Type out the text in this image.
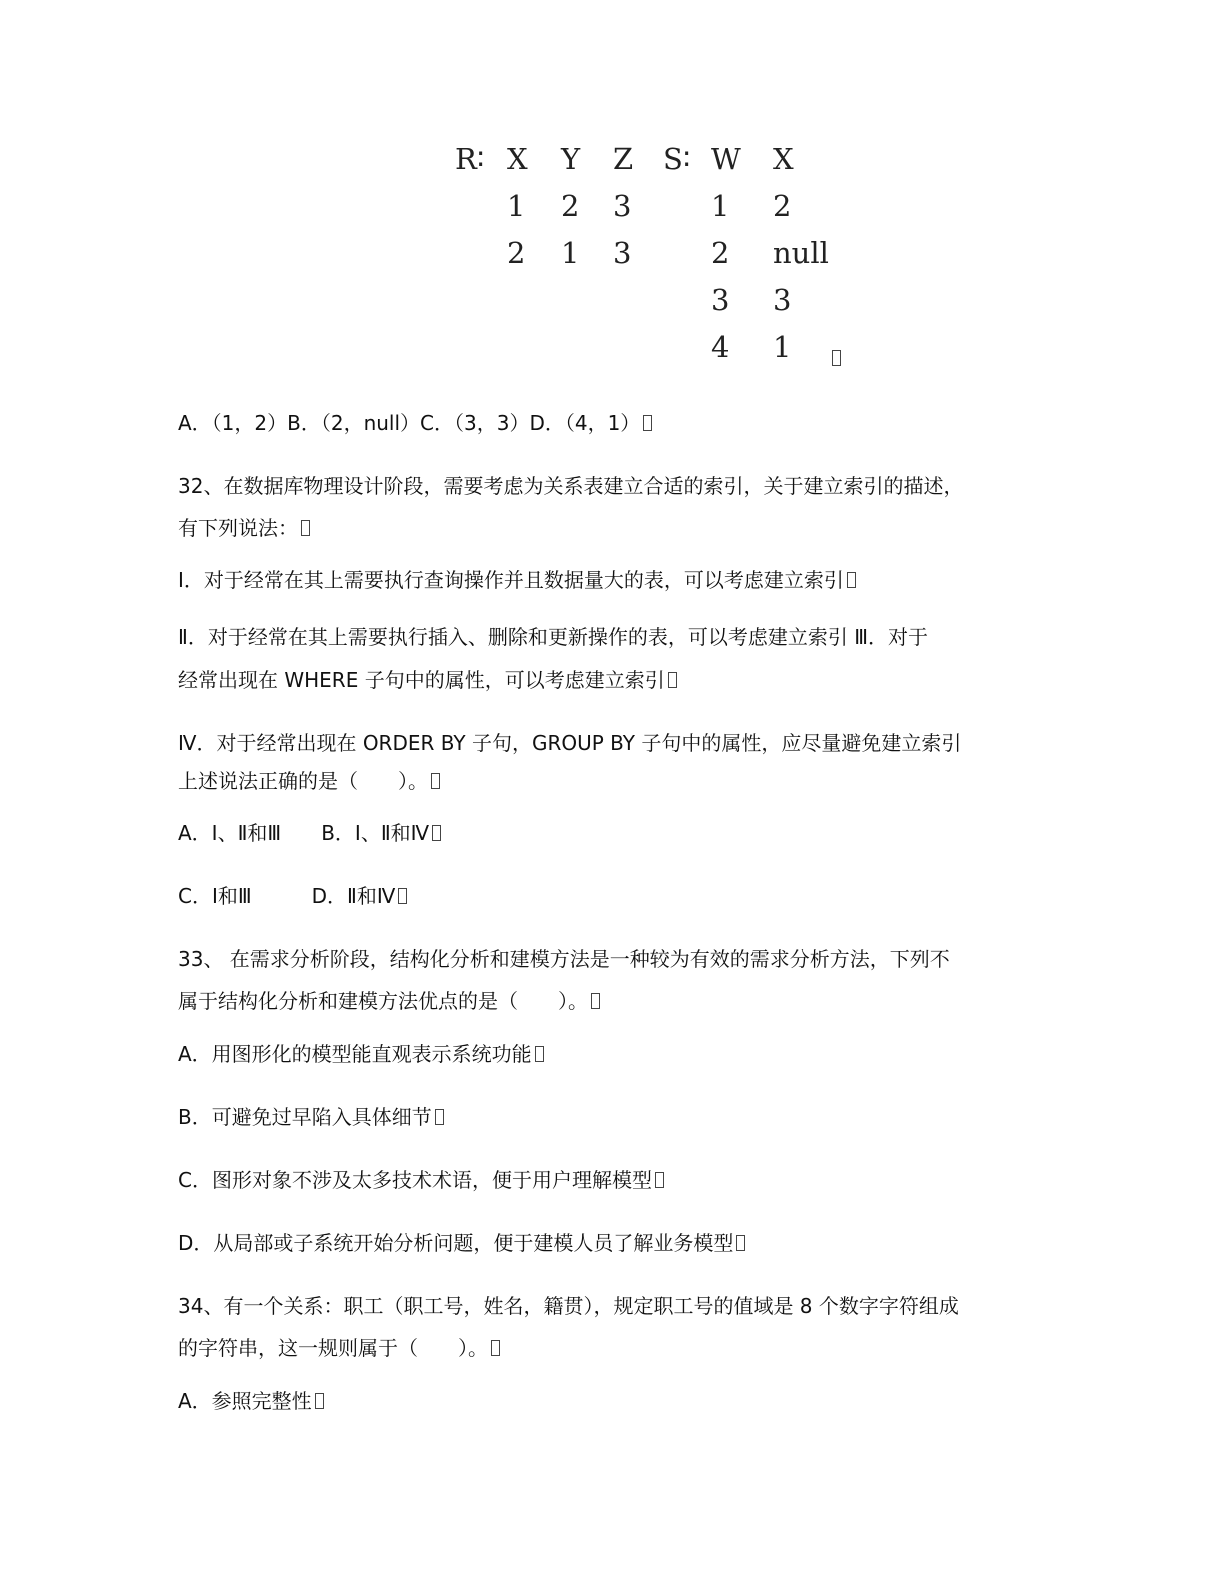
R∶ X Y Z S∶ W X
1 2 3
2 1 3
1 2
2 null
3 3
4 1
A．（1，2）B．（2，null）C．（3，3）D．（4，1）
32、在数据库物理设计阶段，需要考虑为关系表建立合适的索引，关于建立索引的描述，
有下列说法：
Ⅰ．对于经常在其上需要执行查询操作并且数据量大的表，可以考虑建立索引
Ⅱ．对于经常在其上需要执行插入、删除和更新操作的表，可以考虑建立索引 Ⅲ．对于
经常出现在 WHERE 子句中的属性，可以考虑建立索引
Ⅳ．对于经常出现在 ORDER BY 子句，GROUP BY 子句中的属性，应尽量避免建立索引
上述说法正确的是（　　）。
A．Ⅰ、Ⅱ和Ⅲ　　B．Ⅰ、Ⅱ和Ⅳ
C．Ⅰ和Ⅲ　　　D．Ⅱ和Ⅳ
33、 在需求分析阶段，结构化分析和建模方法是一种较为有效的需求分析方法，下列不
属于结构化分析和建模方法优点的是（　　）。
A．用图形化的模型能直观表示系统功能
B．可避免过早陷入具体细节
C．图形对象不涉及太多技术术语，便于用户理解模型
D．从局部或子系统开始分析问题，便于建模人员了解业务模型
34、有一个关系：职工（职工号，姓名，籍贯），规定职工号的值域是 8 个数字字符组成
的字符串，这一规则属于（　　）。
A．参照完整性
